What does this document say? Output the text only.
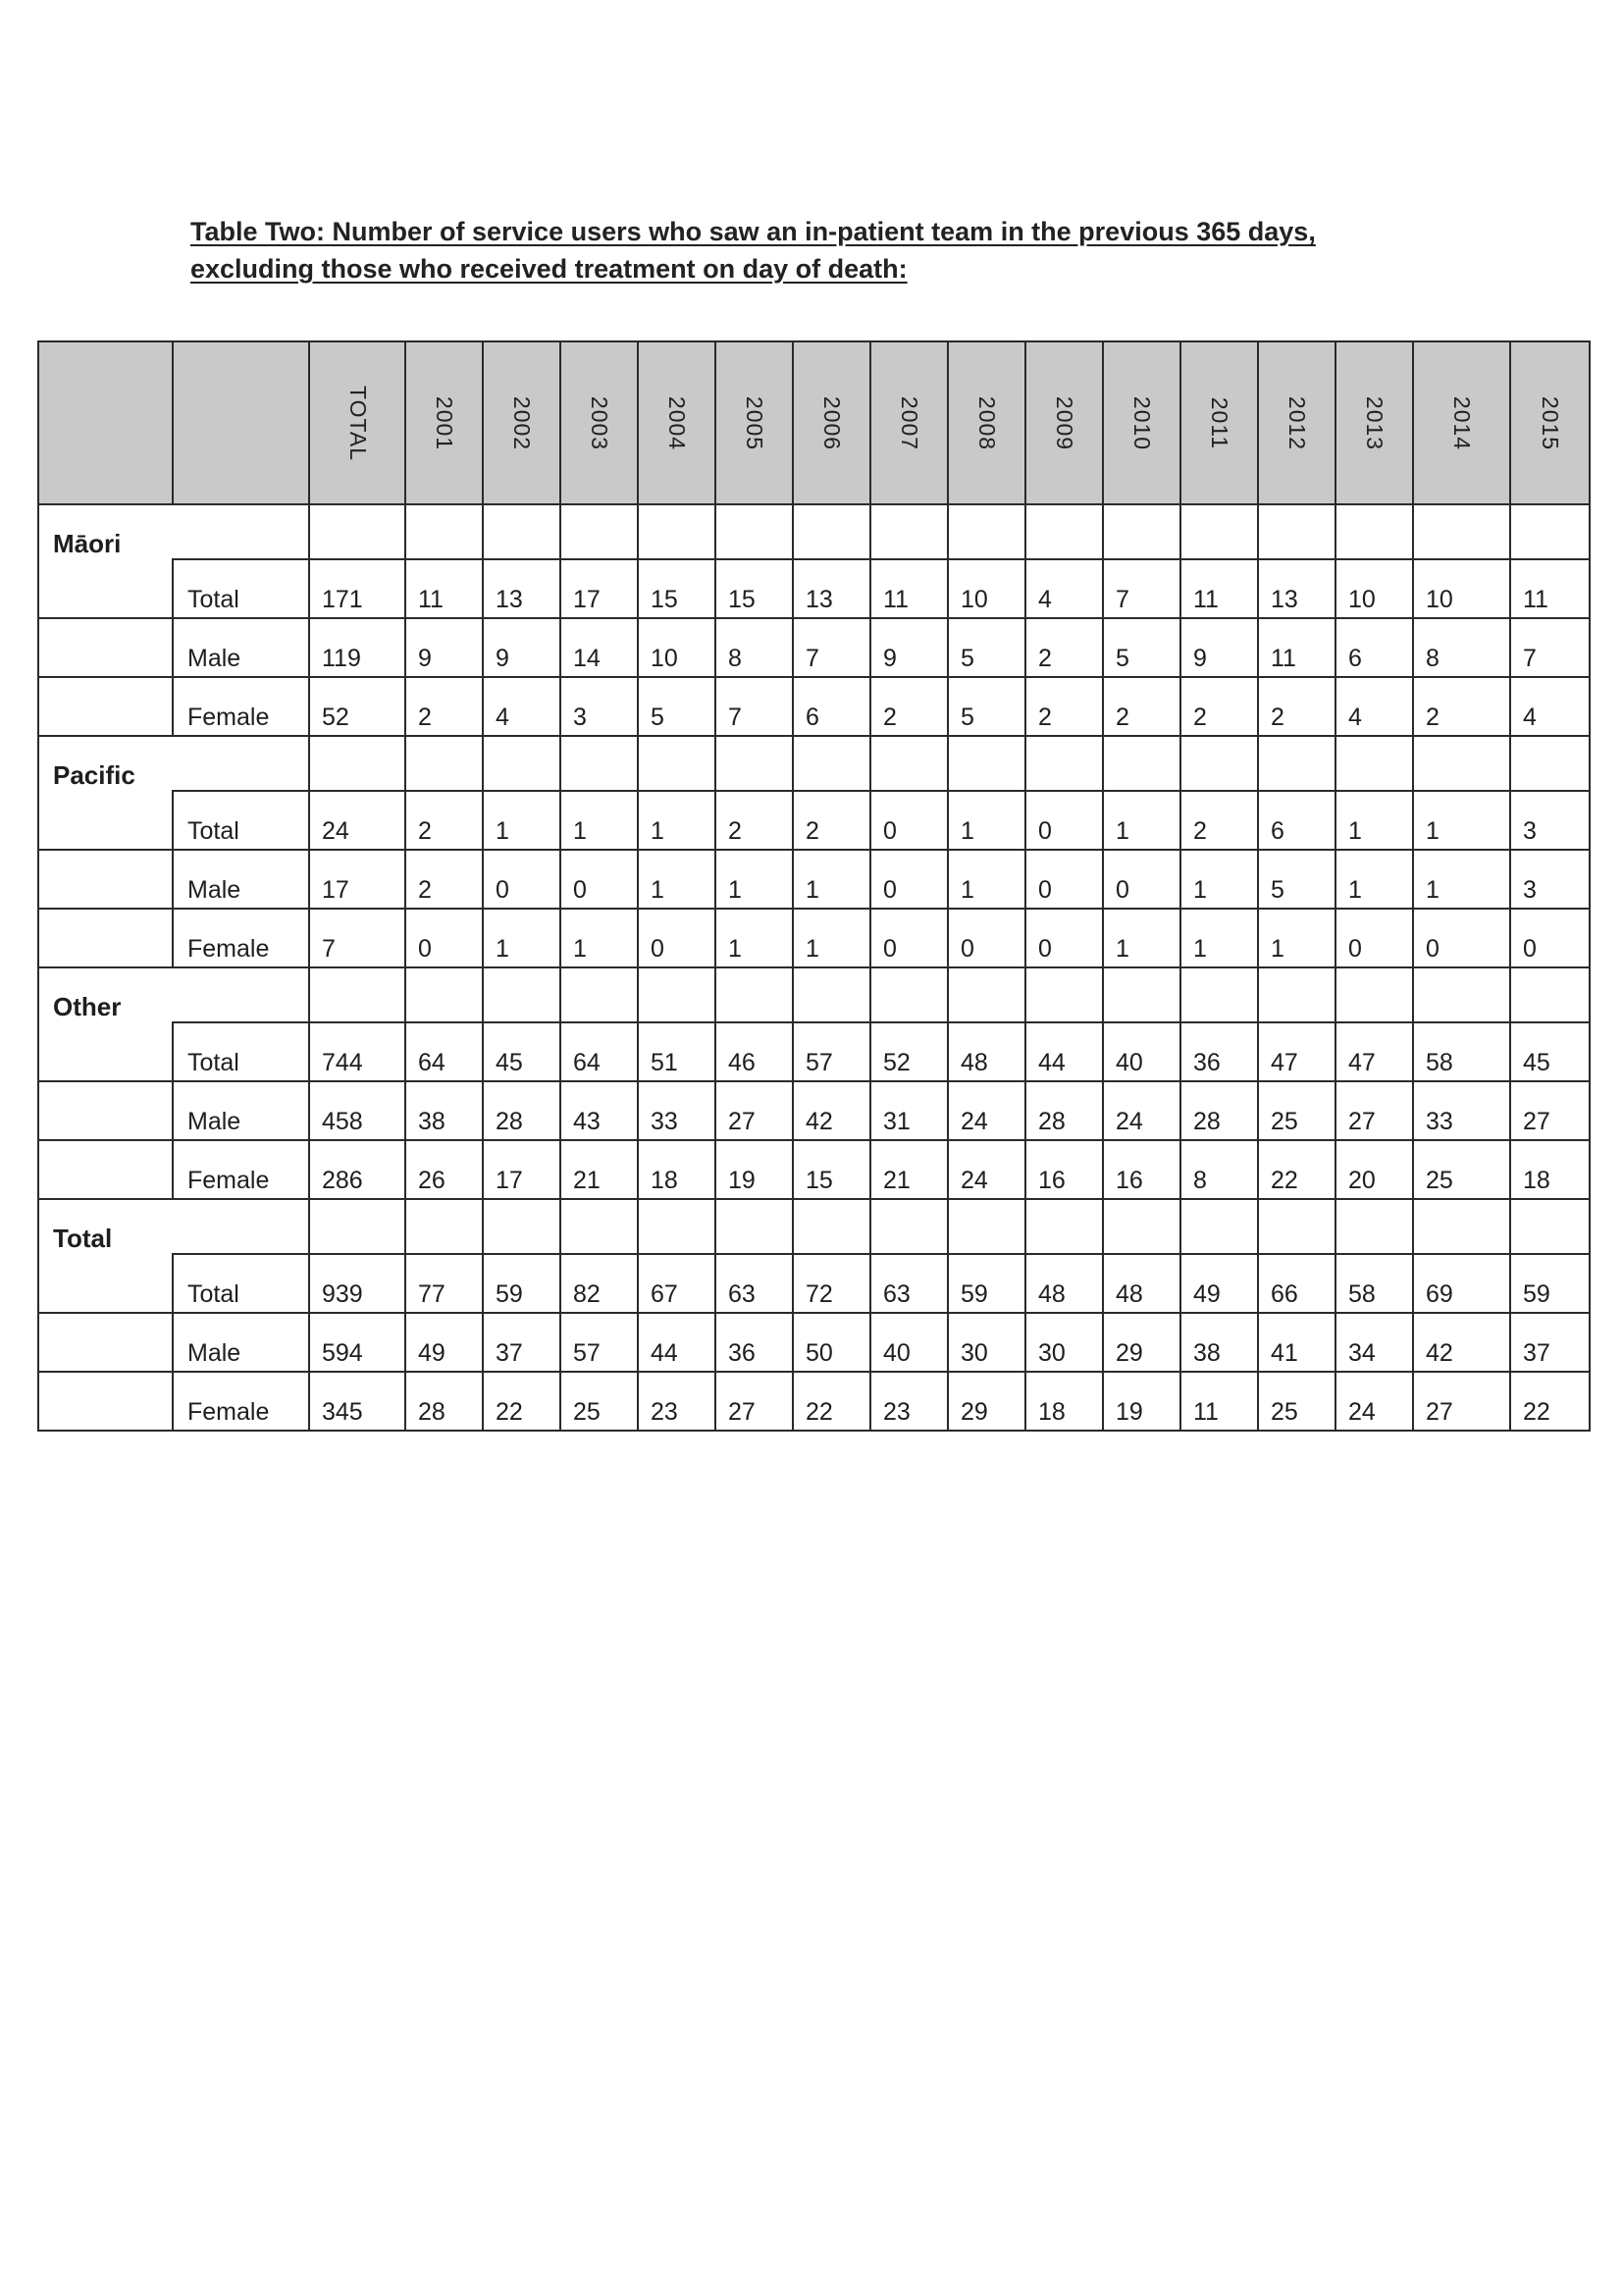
Table Two: Number of service users who saw an in-patient team in the previous 365 days, excluding those who received treatment on day of death:

		TOTAL	2001	2002	2003	2004	2005	2006	2007	2008	2009	2010	2011	2012	2013	2014	2015
Māori																	
	Total	171	11	13	17	15	15	13	11	10	4	7	11	13	10	10	11
	Male	119	9	9	14	10	8	7	9	5	2	5	9	11	6	8	7
	Female	52	2	4	3	5	7	6	2	5	2	2	2	2	4	2	4
Pacific																	
	Total	24	2	1	1	1	2	2	0	1	0	1	2	6	1	1	3
	Male	17	2	0	0	1	1	1	0	1	0	0	1	5	1	1	3
	Female	7	0	1	1	0	1	1	0	0	0	1	1	1	0	0	0
Other																	
	Total	744	64	45	64	51	46	57	52	48	44	40	36	47	47	58	45
	Male	458	38	28	43	33	27	42	31	24	28	24	28	25	27	33	27
	Female	286	26	17	21	18	19	15	21	24	16	16	8	22	20	25	18
Total																	
	Total	939	77	59	82	67	63	72	63	59	48	48	49	66	58	69	59
	Male	594	49	37	57	44	36	50	40	30	30	29	38	41	34	42	37
	Female	345	28	22	25	23	27	22	23	29	18	19	11	25	24	27	22
